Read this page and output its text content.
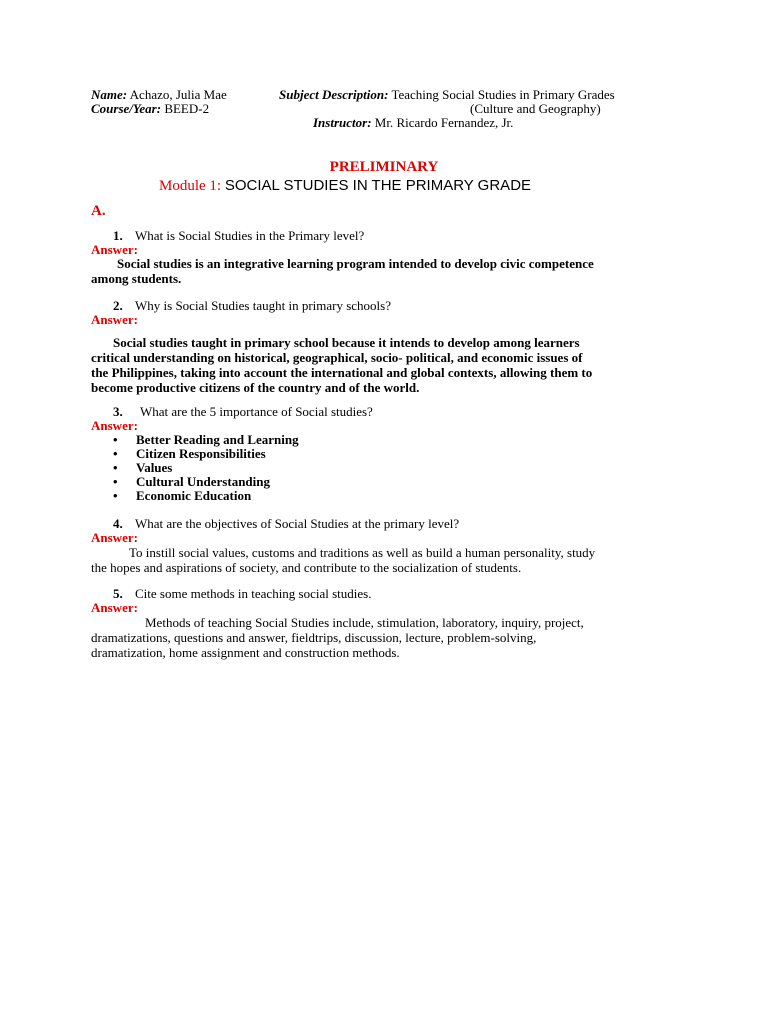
Name: Achazo, Julia Mae
Course/Year: BEED-2
Subject Description: Teaching Social Studies in Primary Grades
(Culture and Geography)
Instructor: Mr. Ricardo Fernandez, Jr.
PRELIMINARY
Module 1: SOCIAL STUDIES IN THE PRIMARY GRADE
A.
1. What is Social Studies in the Primary level?
Answer:
Social studies is an integrative learning program intended to develop civic competence
among students.
2. Why is Social Studies taught in primary schools?
Answer:
Social studies taught in primary school because it intends to develop among learners
critical understanding on historical, geographical, socio- political, and economic issues of
the Philippines, taking into account the international and global contexts, allowing them to
become productive citizens of the country and of the world.
3. What are the 5 importance of Social studies?
Answer:
• Better Reading and Learning
• Citizen Responsibilities
• Values
• Cultural Understanding
• Economic Education
4. What are the objectives of Social Studies at the primary level?
Answer:
To instill social values, customs and traditions as well as build a human personality, study
the hopes and aspirations of society, and contribute to the socialization of students.
5. Cite some methods in teaching social studies.
Answer:
Methods of teaching Social Studies include, stimulation, laboratory, inquiry, project,
dramatizations, questions and answer, fieldtrips, discussion, lecture, problem-solving,
dramatization, home assignment and construction methods.
